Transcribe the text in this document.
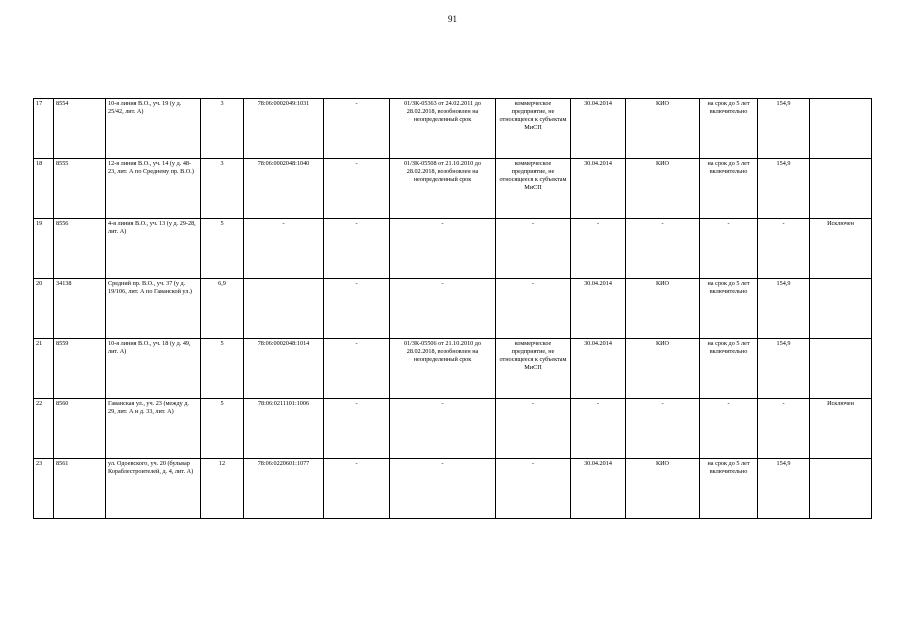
91
17	8554	10-я линия В.О., уч. 19 (у д. 25/42, лит. А)	3	78:06:0002049:1031	-	01/ЗК-05363 от 24.02.2011 до 28.02.2018, возобновлен на неопределенный срок	коммерческое предприятие, не относящееся к субъектам МиСП	30.04.2014	КИО	на срок до 5 лет включительно	154,9	
18	8555	12-я линия В.О., уч. 14 (у д. 48-23, лит. А по Среднему пр. В.О.)	3	78:06:0002048:1040	-	01/ЗК-05508 от 21.10.2010 до 28.02.2018, возобновлен на неопределенный срок	коммерческое предприятие, не относящееся к субъектам МиСП	30.04.2014	КИО	на срок до 5 лет включительно	154,9	
19	8556	4-я линия В.О., уч. 13 (у д. 29-28, лит. А)	5	-	-	-	-	-	-	-	-	Исключен
20	34138	Средний пр. В.О., уч. 37 (у д. 19/106, лит. А по Гаванской ул.)	6,9		-	-	-	30.04.2014	КИО	на срок до 5 лет включительно	154,9	
21	8559	10-я линия В.О., уч. 18 (у д. 49, лит. А)	5	78:06:0002048:1014	-	01/ЗК-05506 от 21.10.2010 до 28.02.2018, возобновлен на неопределенный срок	коммерческое предприятие, не относящееся к субъектам МиСП	30.04.2014	КИО	на срок до 5 лет включительно	154,9	
22	8560	Гаванская ул., уч. 23 (между д. 29, лит. А и д. 33, лит. А)	5	78:06:0211101:1006	-	-	-	-	-	-	-	Исключен
23	8561	ул. Одоевского, уч. 20 (бульвар Кораблестроителей, д. 4, лит. А)	12	78:06:0220601:1077	-	-	-	30.04.2014	КИО	на срок до 5 лет включительно	154,9	
